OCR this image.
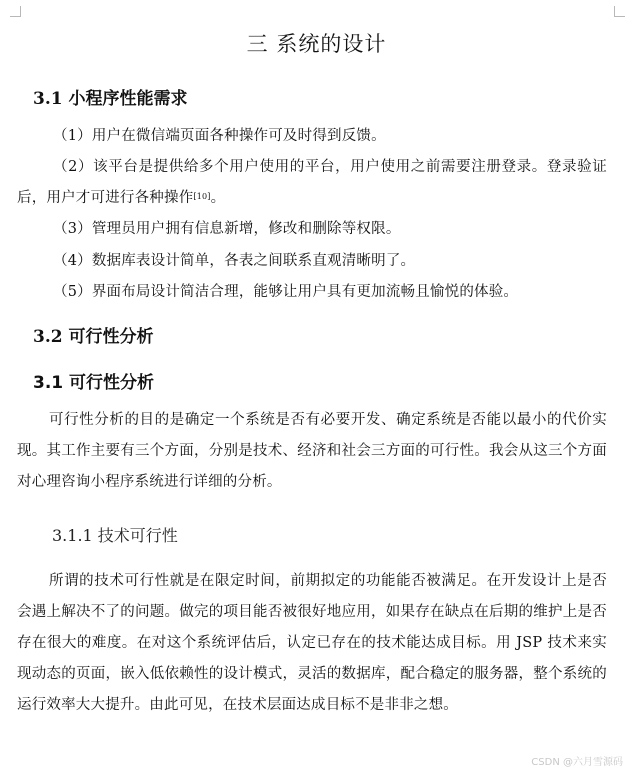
三 系统的设计
3.1 小程序性能需求
（1）用户在微信端页面各种操作可及时得到反馈。
（2）该平台是提供给多个用户使用的平台，用户使用之前需要注册登录。登录验证后，用户才可进行各种操作[10]。
（3）管理员用户拥有信息新增，修改和删除等权限。
（4）数据库表设计简单，各表之间联系直观清晰明了。
（5）界面布局设计简洁合理，能够让用户具有更加流畅且愉悦的体验。
3.2 可行性分析
3.1 可行性分析
可行性分析的目的是确定一个系统是否有必要开发、确定系统是否能以最小的代价实现。其工作主要有三个方面，分别是技术、经济和社会三方面的可行性。我会从这三个方面对心理咨询小程序系统进行详细的分析。
3.1.1 技术可行性
所谓的技术可行性就是在限定时间，前期拟定的功能能否被满足。在开发设计上是否会遇上解决不了的问题。做完的项目能否被很好地应用，如果存在缺点在后期的维护上是否存在很大的难度。在对这个系统评估后，认定已存在的技术能达成目标。用 JSP 技术来实现动态的页面，嵌入低依赖性的设计模式，灵活的数据库，配合稳定的服务器，整个系统的运行效率大大提升。由此可见，在技术层面达成目标不是非非之想。
CSDN @六月雪源码
